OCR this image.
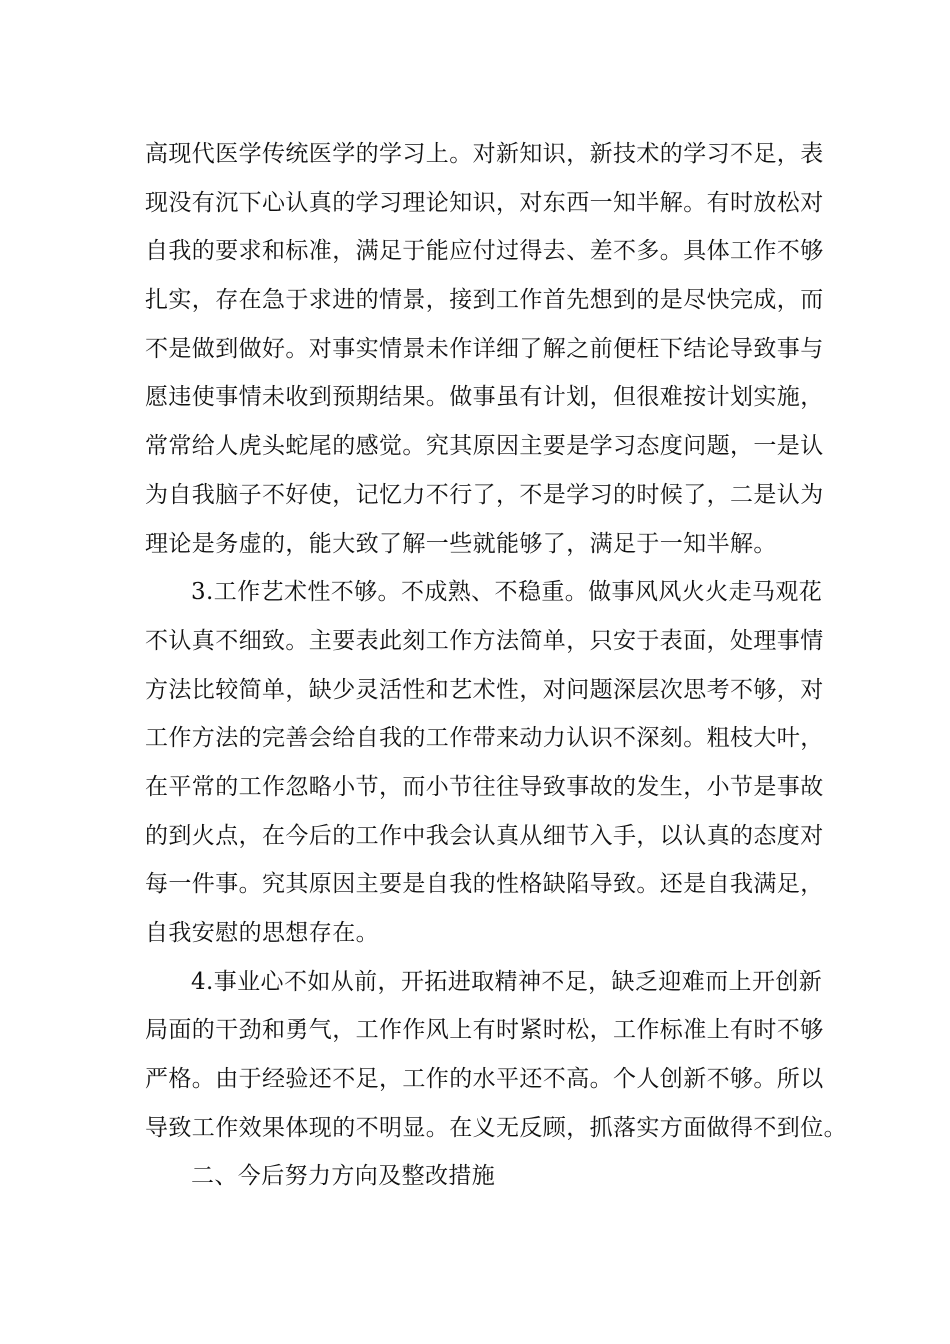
高现代医学传统医学的学习上。对新知识，新技术的学习不足，表
现没有沉下心认真的学习理论知识，对东西一知半解。有时放松对
自我的要求和标准，满足于能应付过得去、差不多。具体工作不够
扎实，存在急于求进的情景，接到工作首先想到的是尽快完成，而
不是做到做好。对事实情景未作详细了解之前便枉下结论导致事与
愿违使事情未收到预期结果。做事虽有计划，但很难按计划实施，
常常给人虎头蛇尾的感觉。究其原因主要是学习态度问题，一是认
为自我脑子不好使，记忆力不行了，不是学习的时候了，二是认为
理论是务虚的，能大致了解一些就能够了，满足于一知半解。
3.工作艺术性不够。不成熟、不稳重。做事风风火火走马观花
不认真不细致。主要表此刻工作方法简单，只安于表面，处理事情
方法比较简单，缺少灵活性和艺术性，对问题深层次思考不够，对
工作方法的完善会给自我的工作带来动力认识不深刻。粗枝大叶，
在平常的工作忽略小节，而小节往往导致事故的发生，小节是事故
的到火点，在今后的工作中我会认真从细节入手，以认真的态度对
每一件事。究其原因主要是自我的性格缺陷导致。还是自我满足，
自我安慰的思想存在。
4.事业心不如从前，开拓进取精神不足，缺乏迎难而上开创新
局面的干劲和勇气，工作作风上有时紧时松，工作标准上有时不够
严格。由于经验还不足，工作的水平还不高。个人创新不够。所以
导致工作效果体现的不明显。在义无反顾，抓落实方面做得不到位。
二、今后努力方向及整改措施
